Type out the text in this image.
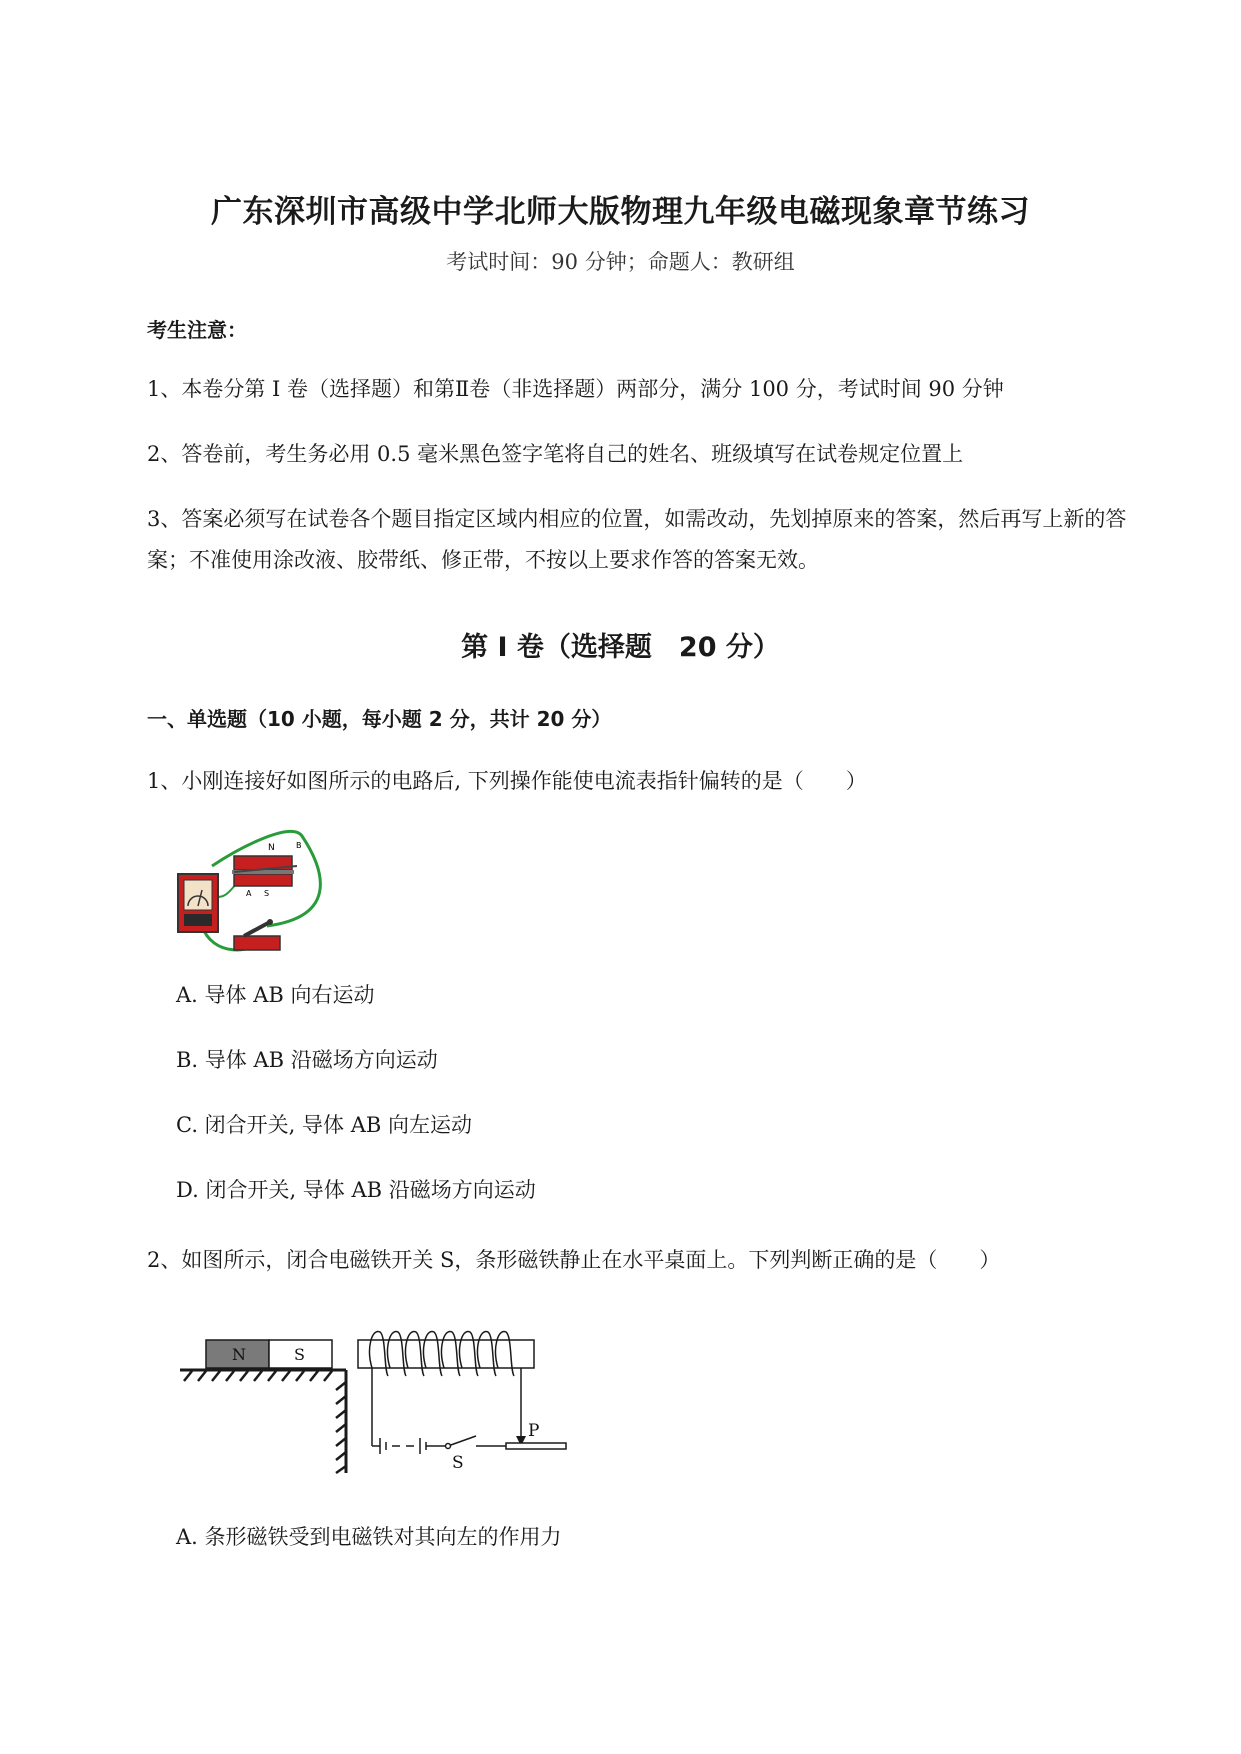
广东深圳市高级中学北师大版物理九年级电磁现象章节练习
考试时间：90 分钟；命题人：教研组
考生注意：
1、本卷分第 I 卷（选择题）和第Ⅱ卷（非选择题）两部分，满分 100 分，考试时间 90 分钟
2、答卷前，考生务必用 0.5 毫米黑色签字笔将自己的姓名、班级填写在试卷规定位置上
3、答案必须写在试卷各个题目指定区域内相应的位置，如需改动，先划掉原来的答案，然后再写上新的答案；不准使用涂改液、胶带纸、修正带，不按以上要求作答的答案无效。
第 I 卷（选择题　20 分）
一、单选题（10 小题，每小题 2 分，共计 20 分）
1、小刚连接好如图所示的电路后, 下列操作能使电流表指针偏转的是（　　）
N
A S
B
A. 导体 AB 向右运动
B. 导体 AB 沿磁场方向运动
C. 闭合开关, 导体 AB 向左运动
D. 闭合开关, 导体 AB 沿磁场方向运动
2、如图所示，闭合电磁铁开关 S，条形磁铁静止在水平桌面上。下列判断正确的是（　　）
N	S
P
S
A. 条形磁铁受到电磁铁对其向左的作用力
